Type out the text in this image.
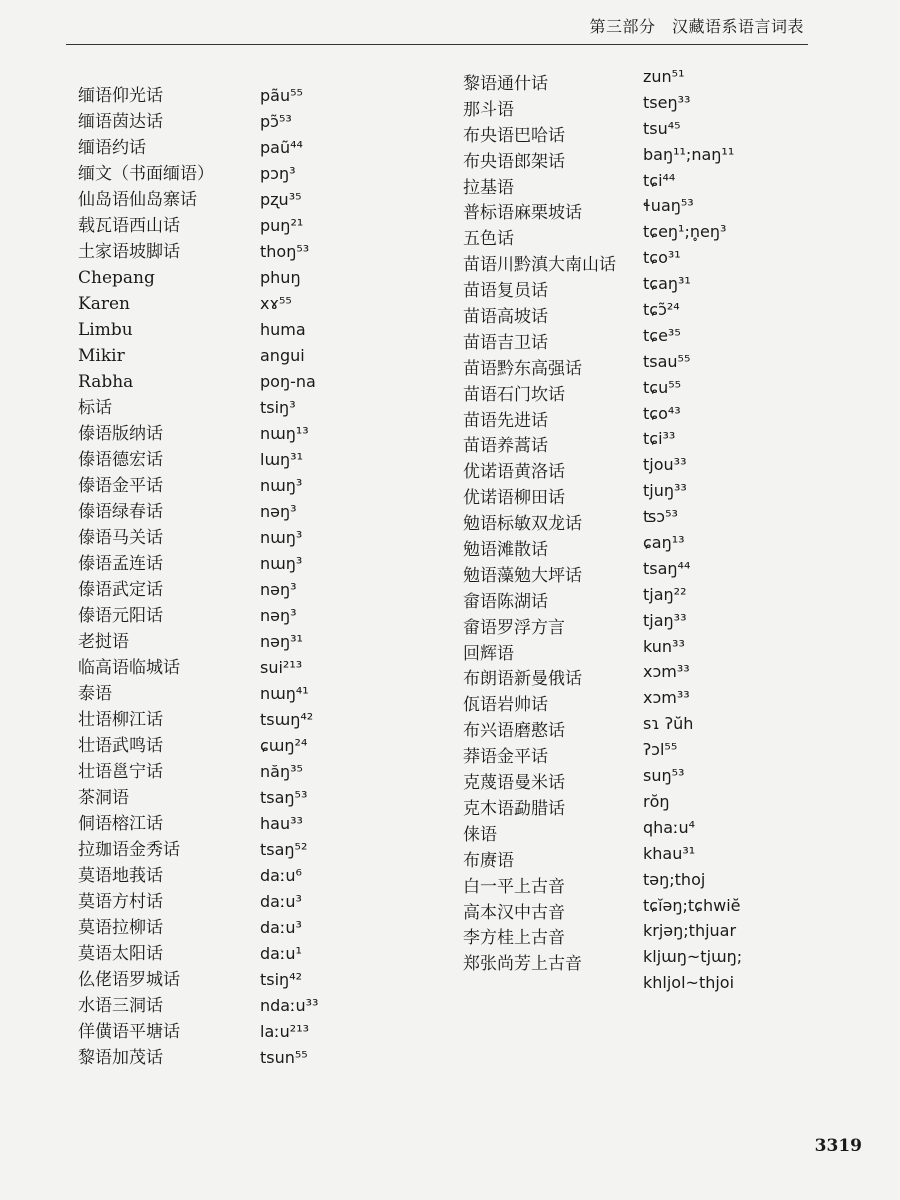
第三部分　汉藏语系语言词表
缅语仰光话	pãu⁵⁵
缅语茵达话	pɔ̃⁵³
缅语约话	paũ⁴⁴
缅文（书面缅语）	pɔŋ³
仙岛语仙岛寨话	pʐu³⁵
载瓦语西山话	puŋ²¹
土家语坡脚话	thoŋ⁵³
Chepang	phuŋ
Karen	xɤ⁵⁵
Limbu	huma
Mikir	angui
Rabha	poŋ-na
标话	tsiŋ³
傣语版纳话	nɯŋ¹³
傣语德宏话	lɯŋ³¹
傣语金平话	nɯŋ³
傣语绿春话	nəŋ³
傣语马关话	nɯŋ³
傣语孟连话	nɯŋ³
傣语武定话	nəŋ³
傣语元阳话	nəŋ³
老挝语	nəŋ³¹
临高语临城话	sui²¹³
泰语	nɯŋ⁴¹
壮语柳江话	tsɯŋ⁴²
壮语武鸣话	ɕɯŋ²⁴
壮语邕宁话	năŋ³⁵
茶洞语	tsaŋ⁵³
侗语榕江话	hau³³
拉珈语金秀话	tsaŋ⁵²
莫语地莪话	daːu⁶
莫语方村话	daːu³
莫语拉柳话	daːu³
莫语太阳话	daːu¹
仫佬语罗城话	tsiŋ⁴²
水语三洞话	ndaːu³³
佯僙语平塘话	laːu²¹³
黎语加茂话	tsun⁵⁵
黎语通什话	zun⁵¹
那斗语	tseŋ³³
布央语巴哈话	tsu⁴⁵
布央语郎架话	baŋ¹¹;naŋ¹¹
拉基语	tɕi⁴⁴
普标语麻栗坡话	ɬuaŋ⁵³
五色话	tɕeŋ¹;n̥eŋ³
苗语川黔滇大南山话 tɕo³¹
苗语复员话	tɕaŋ³¹
苗语高坡话	tɕɔ̃²⁴
苗语吉卫话	tɕe³⁵
苗语黔东高强话	tsau⁵⁵
苗语石门坎话	tɕu⁵⁵
苗语先进话	tɕo⁴³
苗语养蒿话	tɕi³³
优诺语黄洛话	tjou³³
优诺语柳田话	tjuŋ³³
勉语标敏双龙话	ʦɔ⁵³
勉语滩散话	ɕaŋ¹³
勉语藻勉大坪话	tsaŋ⁴⁴
畲语陈湖话	tjaŋ²²
畲语罗浮方言	tjaŋ³³
回辉语	kun³³
布朗语新曼俄话	xɔm³³
佤语岩帅话	xɔm³³
布兴语磨憨话	sɿ ʔŭh
莽语金平话	ʔɔl⁵⁵
克蔑语曼米话	suŋ⁵³
克木语勐腊话	rŏŋ
俫语	qhaːu⁴
布赓语	khau³¹
白一平上古音	təŋ;thoj
高本汉中古音	tɕĭəŋ;tɕhwiĕ
李方桂上古音	krjəŋ;thjuar
郑张尚芳上古音	kljɯŋ~tjɯŋ;
khljol~thjoi
3319
